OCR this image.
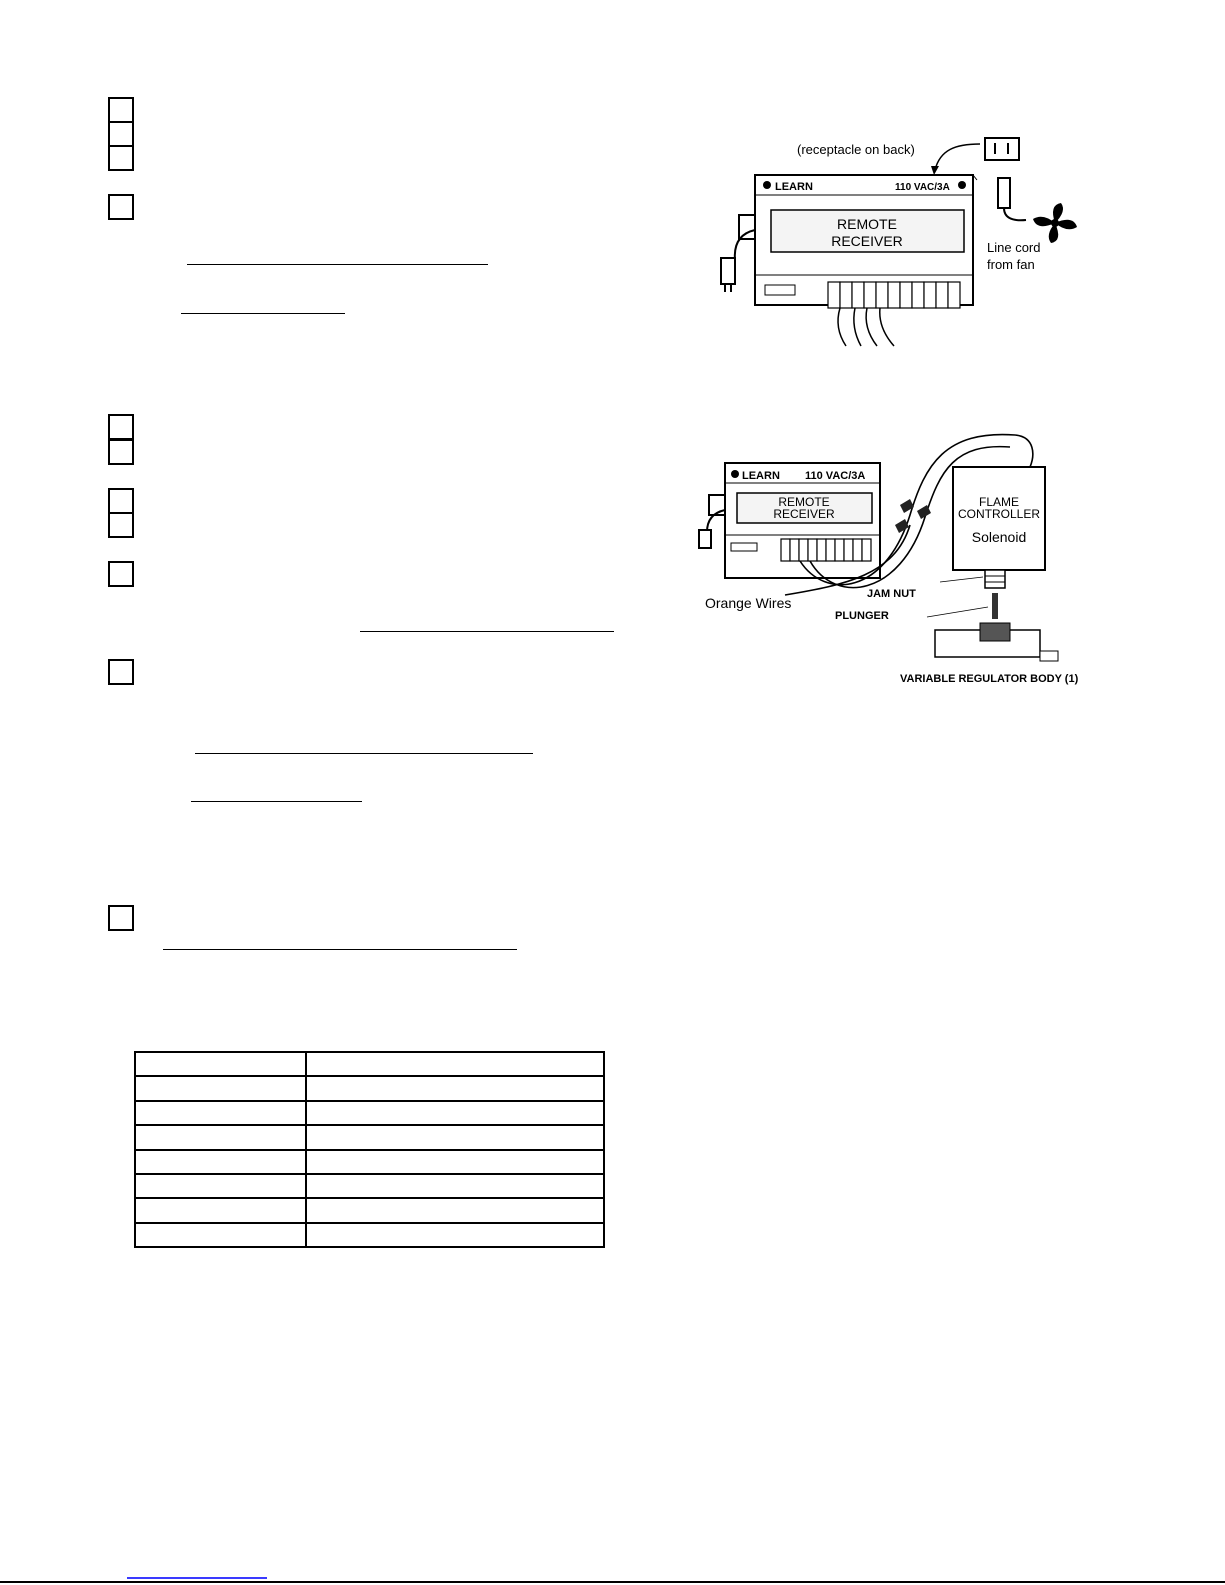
(receptacle on back)
LEARN	110 VAC/3A
REMOTE
RECEIVER	Line cord
from fan
LEARN 110 VAC/3A
REMOTE
RECEIVER
FLAME
CONTROLLER
Solenoid
Orange Wires
JAM NUT
PLUNGER
VARIABLE REGULATOR BODY (1)
